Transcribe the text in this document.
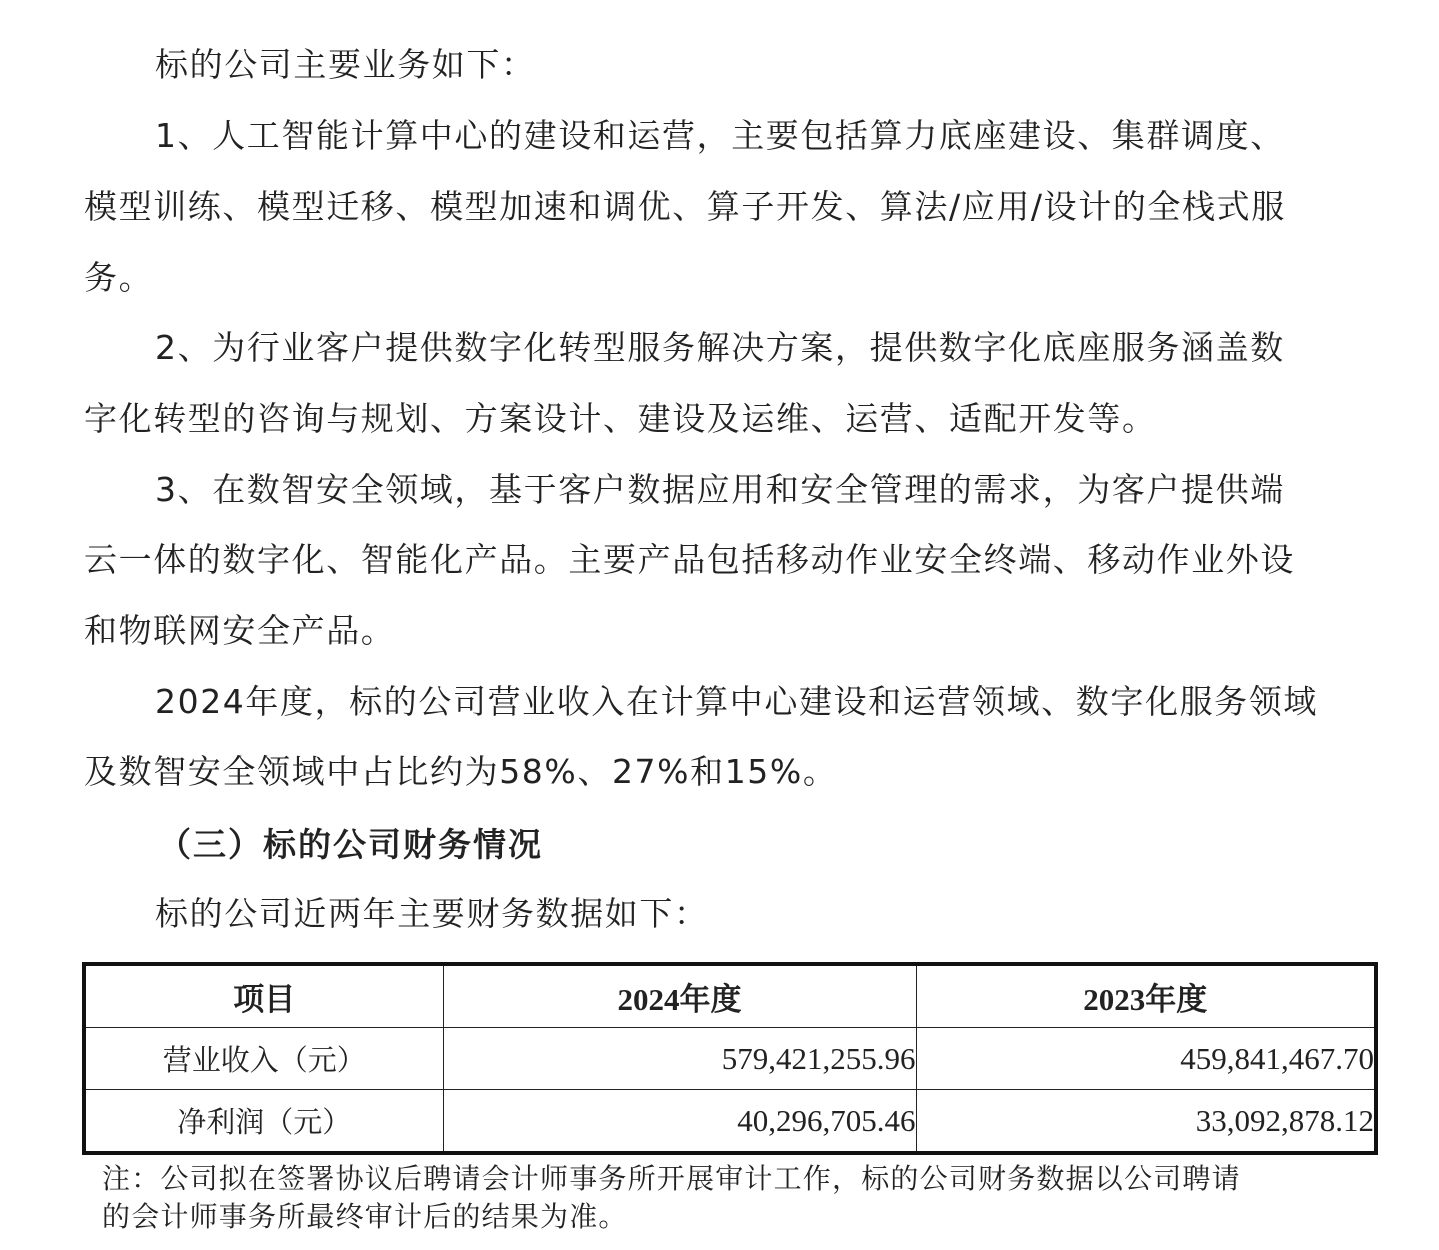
标的公司主要业务如下：
1、人工智能计算中心的建设和运营，主要包括算力底座建设、集群调度、
模型训练、模型迁移、模型加速和调优、算子开发、算法/应用/设计的全栈式服
务。
2、为行业客户提供数字化转型服务解决方案，提供数字化底座服务涵盖数
字化转型的咨询与规划、方案设计、建设及运维、运营、适配开发等。
3、在数智安全领域，基于客户数据应用和安全管理的需求，为客户提供端
云一体的数字化、智能化产品。主要产品包括移动作业安全终端、移动作业外设
和物联网安全产品。
2024年度，标的公司营业收入在计算中心建设和运营领域、数字化服务领域
及数智安全领域中占比约为58%、27%和15%。
（三）标的公司财务情况
标的公司近两年主要财务数据如下：
项目	2024年度	2023年度
营业收入（元）	579,421,255.96	459,841,467.70
净利润（元）	40,296,705.46	33,092,878.12
注：公司拟在签署协议后聘请会计师事务所开展审计工作，标的公司财务数据以公司聘请
的会计师事务所最终审计后的结果为准。
